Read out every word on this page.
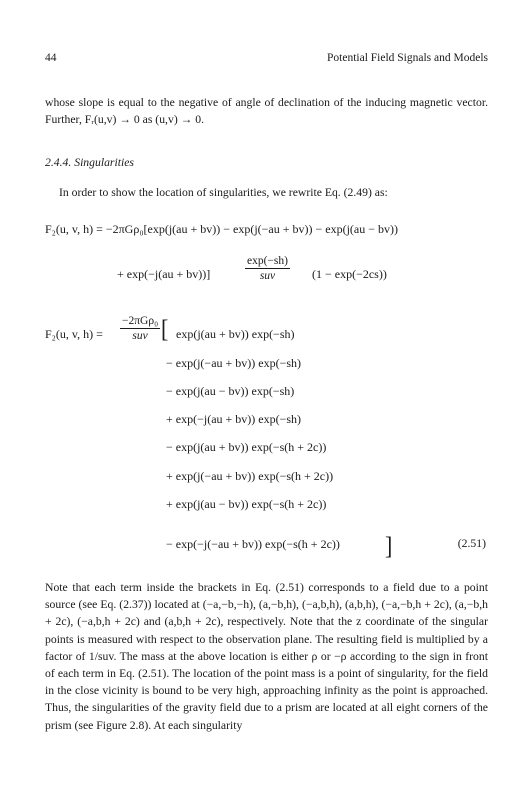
44	Potential Field Signals and Models
whose slope is equal to the negative of angle of declination of the inducing magnetic vector. Further, Fᵣ(u,v) → 0 as (u,v) → 0.
2.4.4. Singularities
In order to show the location of singularities, we rewrite Eq. (2.49) as:
F₂(u, v, h) = −2πGρ₀[exp(j(au + bv)) − exp(j(−au + bv)) − exp(j(au − bv))
+ exp(−j(au + bv))]
exp(−sh)
suv	(1 − exp(−2cs))
F₂(u, v, h) =
−2πGρ₀
suv [ exp(j(au + bv)) exp(−sh)
− exp(j(−au + bv)) exp(−sh)
− exp(j(au − bv)) exp(−sh)
+ exp(−j(au + bv)) exp(−sh)
− exp(j(au + bv)) exp(−s(h + 2c))
+ exp(j(−au + bv)) exp(−s(h + 2c))
+ exp(j(au − bv)) exp(−s(h + 2c))
− exp(−j(−au + bv)) exp(−s(h + 2c)) ]	(2.51)
Note that each term inside the brackets in Eq. (2.51) corresponds to a field due to a point source (see Eq. (2.37)) located at (−a,−b,−h), (a,−b,h), (−a,b,h), (a,b,h), (−a,−b,h + 2c), (a,−b,h + 2c), (−a,b,h + 2c) and (a,b,h + 2c), respectively. Note that the z coordinate of the singular points is measured with respect to the observation plane. The resulting field is multiplied by a factor of 1/suv. The mass at the above location is either ρ or −ρ according to the sign in front of each term in Eq. (2.51). The location of the point mass is a point of singularity, for the field in the close vicinity is bound to be very high, approaching infinity as the point is approached. Thus, the singularities of the gravity field due to a prism are located at all eight corners of the prism (see Figure 2.8). At each singularity
